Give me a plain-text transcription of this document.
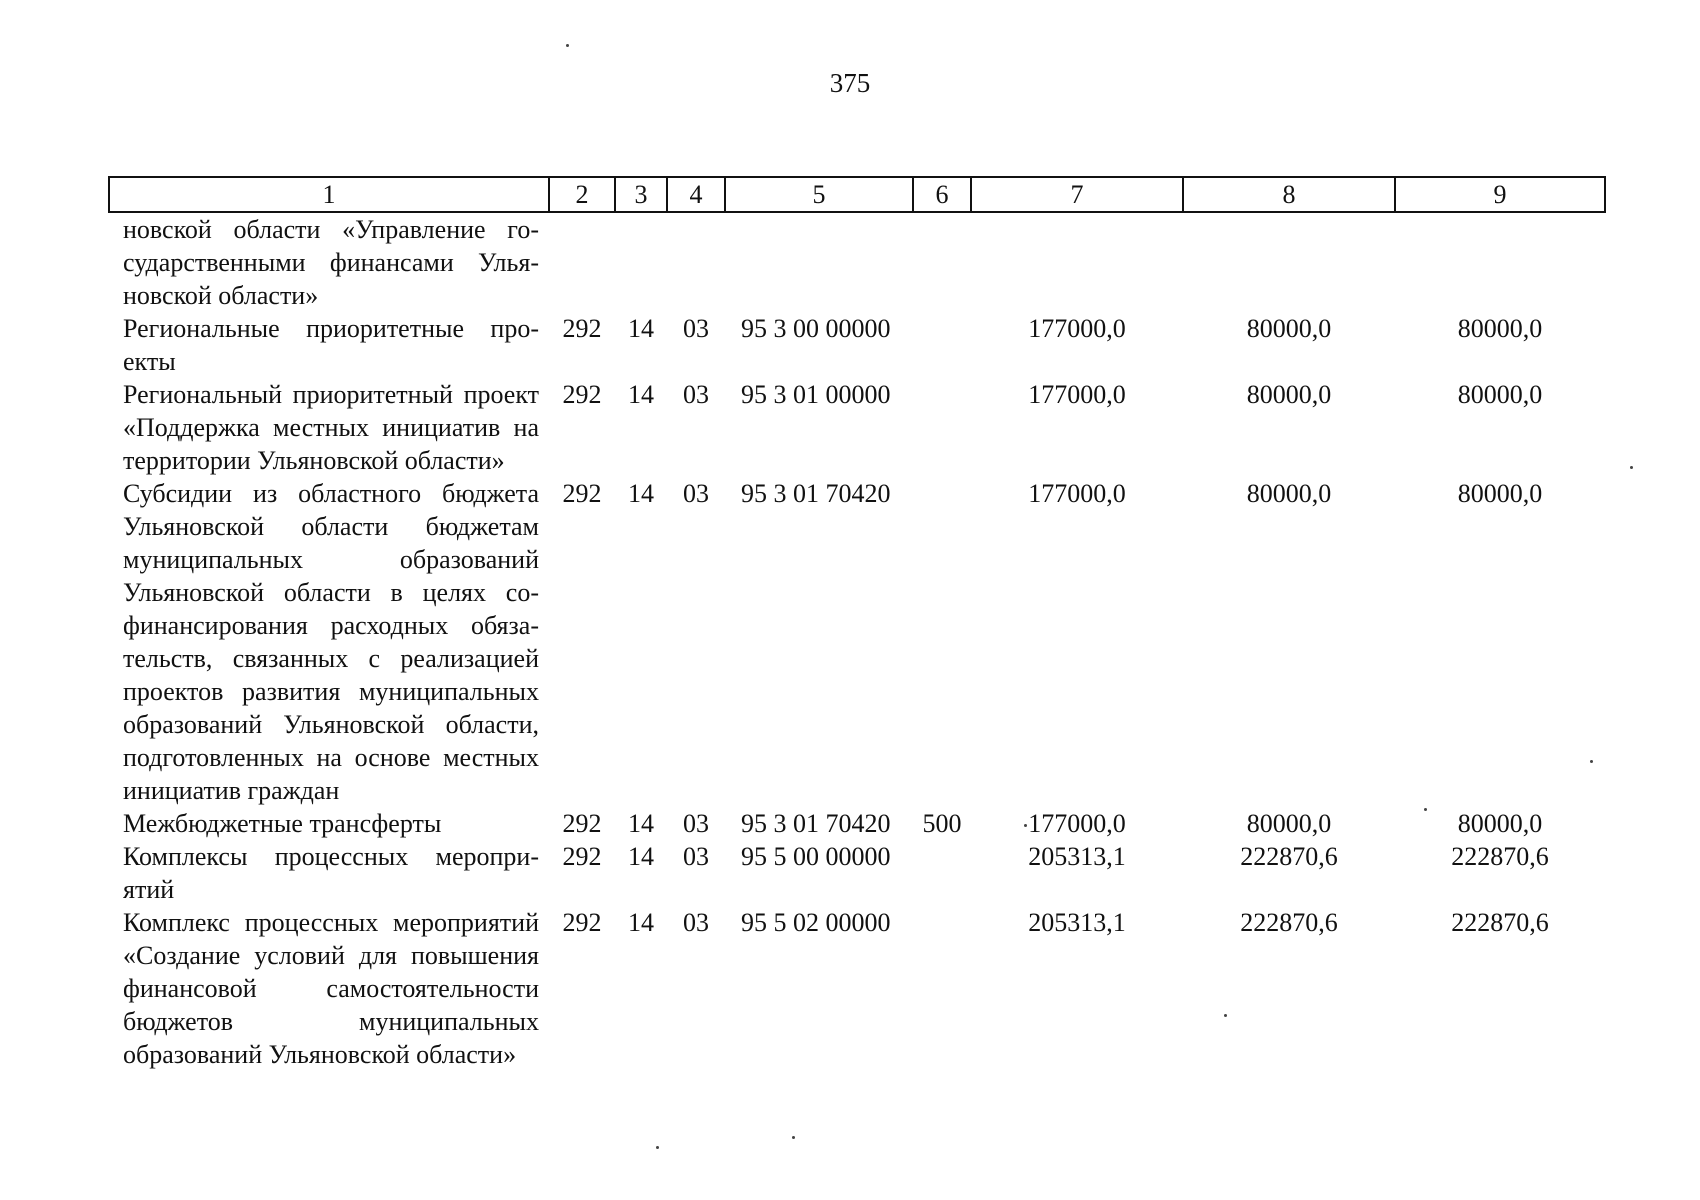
375
1	2	3	4	5	6	7	8	9
новской области «Управление государственными финансами Ульяновской области»								
Региональные приоритетные проекты	292	14	03	95 3 00 00000		177000,0	80000,0	80000,0
Региональный приоритетный проект «Поддержка местных инициатив на территории Ульяновской области»	292	14	03	95 3 01 00000		177000,0	80000,0	80000,0
Субсидии из областного бюджета Ульяновской области бюджетам муниципальных образований Ульяновской области в целях софинансирования расходных обязательств, связанных с реализацией проектов развития муниципальных образований Ульяновской области, подготовленных на основе местных инициатив граждан	292	14	03	95 3 01 70420		177000,0	80000,0	80000,0
Межбюджетные трансферты	292	14	03	95 3 01 70420	500	177000,0	80000,0	80000,0
Комплексы процессных мероприятий	292	14	03	95 5 00 00000		205313,1	222870,6	222870,6
Комплекс процессных мероприятий «Создание условий для повышения финансовой самостоятельности бюджетов муниципальных образований Ульяновской области»	292	14	03	95 5 02 00000		205313,1	222870,6	222870,6
